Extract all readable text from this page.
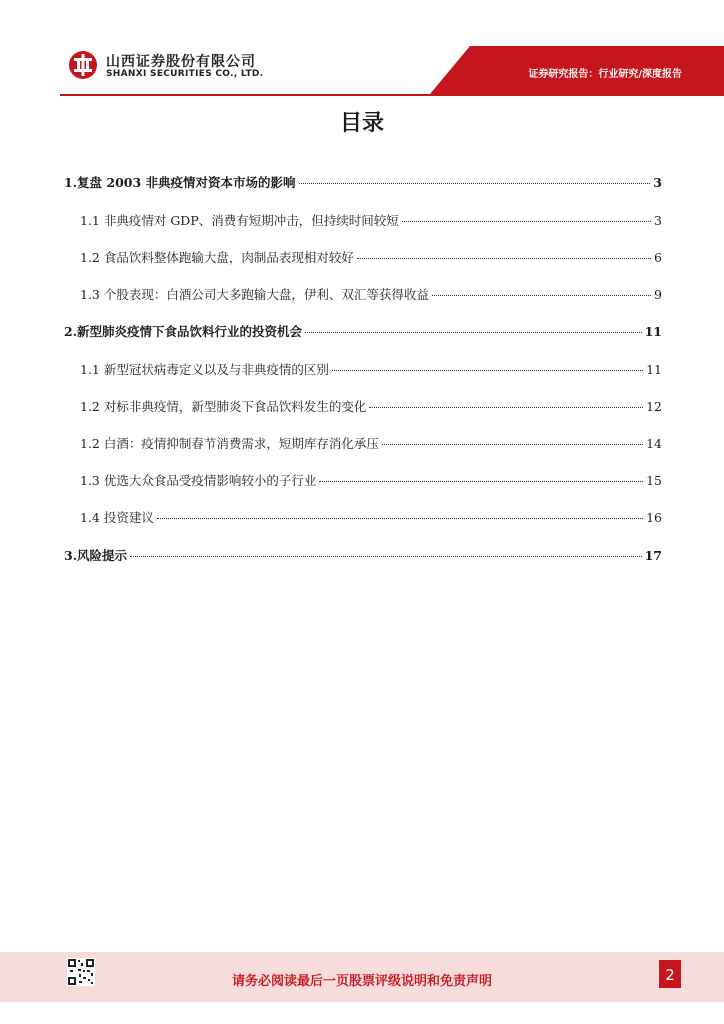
山西证券股份有限公司
SHANXI SECURITIES CO., LTD.	证券研究报告：行业研究/深度报告
目录
1.复盘 2003 非典疫情对资本市场的影响	3
1.1 非典疫情对 GDP、消费有短期冲击，但持续时间较短	3
1.2 食品饮料整体跑输大盘，肉制品表现相对较好	6
1.3 个股表现：白酒公司大多跑输大盘，伊利、双汇等获得收益	9
2.新型肺炎疫情下食品饮料行业的投资机会	11
1.1 新型冠状病毒定义以及与非典疫情的区别	11
1.2 对标非典疫情，新型肺炎下食品饮料发生的变化	12
1.2 白酒：疫情抑制春节消费需求，短期库存消化承压	14
1.3 优选大众食品受疫情影响较小的子行业	15
1.4 投资建议	16
3.风险提示	17
请务必阅读最后一页股票评级说明和免责声明	2
